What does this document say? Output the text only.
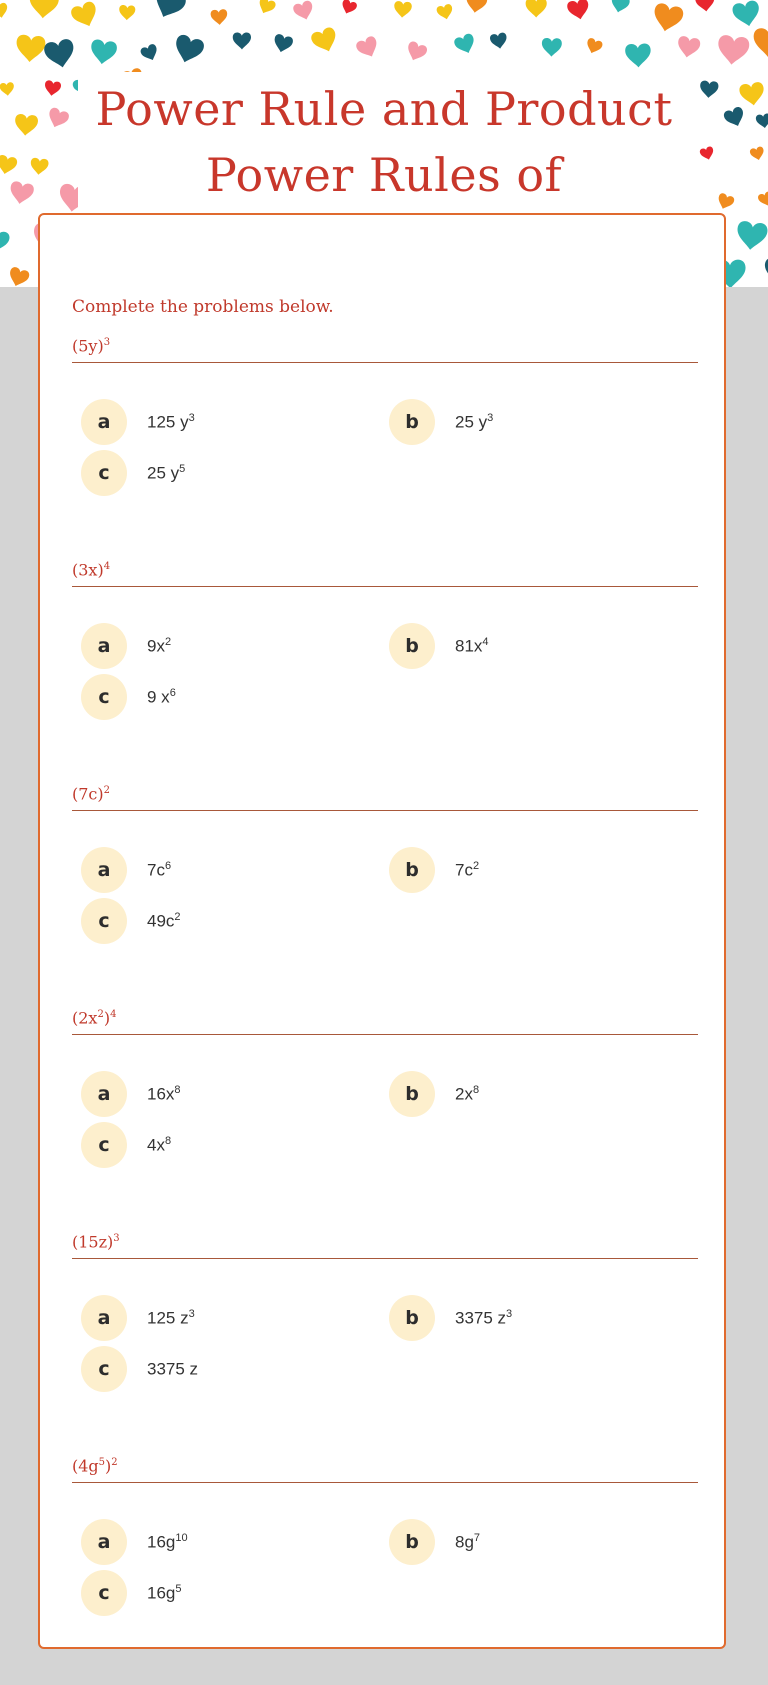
Power Rule and Product
Power Rules of

Complete the problems below.

$(5y)^3$

a	125 $y^3$	b	25 $y^3$
c	25 $y^5$

$(3x)^4$

a	$9x^2$	b	$81x^4$
c	9 $x^6$

$(7c)^2$

a	$7c^6$	b	$7c^2$
c	$49c^2$

$(2x^2)^4$

a	$16x^8$	b	$2x^8$
c	$4x^8$

$(15z)^3$

a	125 $z^3$	b	3375 $z^3$
c	3375 z

$(4g^5)^2$

a	$16g^{10}$	b	$8g^7$
c	$16g^5$
